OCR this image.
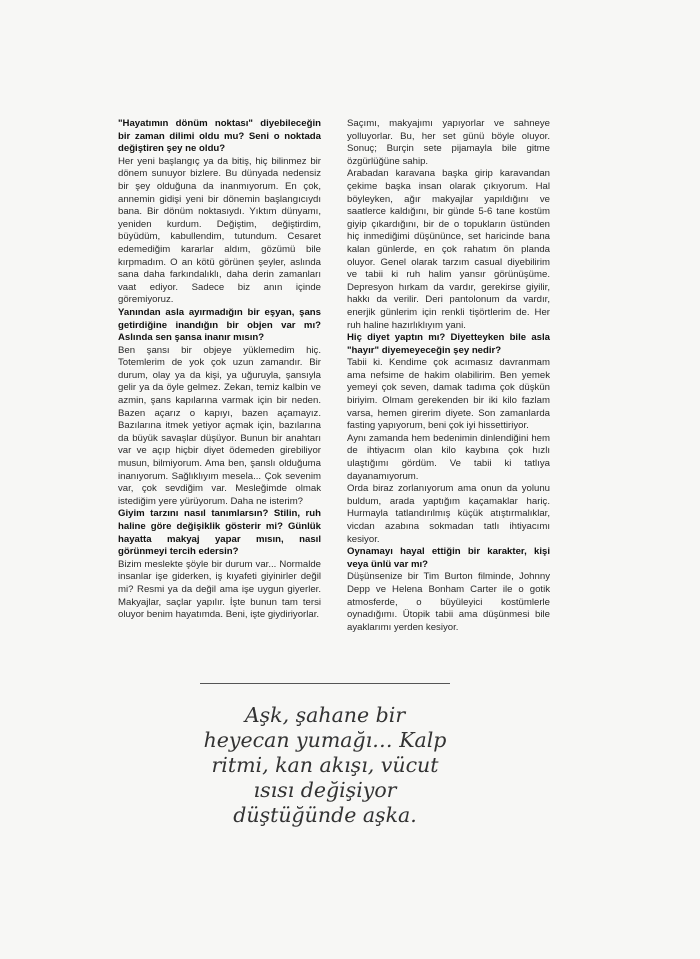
"Hayatımın dönüm noktası" diyebileceğin bir zaman dilimi oldu mu? Seni o noktada değiştiren şey ne oldu?

Her yeni başlangıç ya da bitiş, hiç bilinmez bir dönem sunuyor bizlere. Bu dünyada nedensiz bir şey olduğuna da inanmıyorum. En çok, annemin gidişi yeni bir dönemin başlangıcıydı bana. Bir dönüm noktasıydı. Yıktım dünyamı, yeniden kurdum. Değiştim, değiştirdim, büyüdüm, kabullendim, tutundum. Cesaret edemediğim kararlar aldım, gözümü bile kırpmadım. O an kötü görünen şeyler, aslında sana daha farkındalıklı, daha derin zamanları vaat ediyor. Sadece biz anın içinde göremiyoruz.

Yanından asla ayırmadığın bir eşyan, şans getirdiğine inandığın bir objen var mı? Aslında sen şansa inanır mısın?

Ben şansı bir objeye yüklemedim hiç. Totemlerim de yok çok uzun zamandır. Bir durum, olay ya da kişi, ya uğuruyla, şansıyla gelir ya da öyle gelmez. Zekan, temiz kalbin ve azmin, şans kapılarına varmak için bir neden. Bazen açarız o kapıyı, bazen açamayız. Bazılarına itmek yetiyor açmak için, bazılarına da büyük savaşlar düşüyor. Bunun bir anahtarı var ve açıp hiçbir diyet ödemeden girebiliyor musun, bilmiyorum. Ama ben, şanslı olduğuma inanıyorum. Sağlıklıyım mesela... Çok sevenim var, çok sevdiğim var. Mesleğimde olmak istediğim yere yürüyorum. Daha ne isterim?

Giyim tarzını nasıl tanımlarsın? Stilin, ruh haline göre değişiklik gösterir mi? Günlük hayatta makyaj yapar mısın, nasıl görünmeyi tercih edersin?

Bizim meslekte şöyle bir durum var... Normalde insanlar işe giderken, iş kıyafeti giyinirler değil mi? Resmi ya da değil ama işe uygun giyerler. Makyajlar, saçlar yapılır. İşte bunun tam tersi oluyor benim hayatımda. Beni, işte giydiriyorlar.

Saçımı, makyajımı yapıyorlar ve sahneye yolluyorlar. Bu, her set günü böyle oluyor. Sonuç; Burçin sete pijamayla bile gitme özgürlüğüne sahip.

Arabadan karavana başka girip karavandan çekime başka insan olarak çıkıyorum. Hal böyleyken, ağır makyajlar yapıldığını ve saatlerce kaldığını, bir günde 5-6 tane kostüm giyip çıkardığını, bir de o topukların üstünden hiç inmediğimi düşününce, set haricinde bana kalan günlerde, en çok rahatım ön planda oluyor. Genel olarak tarzım casual diyebilirim ve tabii ki ruh halim yansır görünüşüme. Depresyon hırkam da vardır, gerekirse giyilir, hakkı da verilir. Deri pantolonum da vardır, enerjik günlerim için renkli tişörtlerim de. Her ruh haline hazırlıklıyım yani.

Hiç diyet yaptın mı? Diyetteyken bile asla "hayır" diyemeyeceğin şey nedir?

Tabii ki. Kendime çok acımasız davranmam ama nefsime de hakim olabilirim. Ben yemek yemeyi çok seven, damak tadıma çok düşkün biriyim. Olmam gerekenden bir iki kilo fazlam varsa, hemen girerim diyete. Son zamanlarda fasting yapıyorum, beni çok iyi hissettiriyor.

Aynı zamanda hem bedenimin dinlendiğini hem de ihtiyacım olan kilo kaybına çok hızlı ulaştığımı gördüm. Ve tabii ki tatlıya dayanamıyorum.

Orda biraz zorlanıyorum ama onun da yolunu buldum, arada yaptığım kaçamaklar hariç. Hurmayla tatlandırılmış küçük atıştırmalıklar, vicdan azabına sokmadan tatlı ihtiyacımı kesiyor.

Oynamayı hayal ettiğin bir karakter, kişi veya ünlü var mı?

Düşünsenize bir Tim Burton filminde, Johnny Depp ve Helena Bonham Carter ile o gotik atmosferde, o büyüleyici kostümlerle oynadığımı. Ütopik tabii ama düşünmesi bile ayaklarımı yerden kesiyor.

Aşk, şahane bir heyecan yumağı… Kalp ritmi, kan akışı, vücut ısısı değişiyor düştüğünde aşka.
